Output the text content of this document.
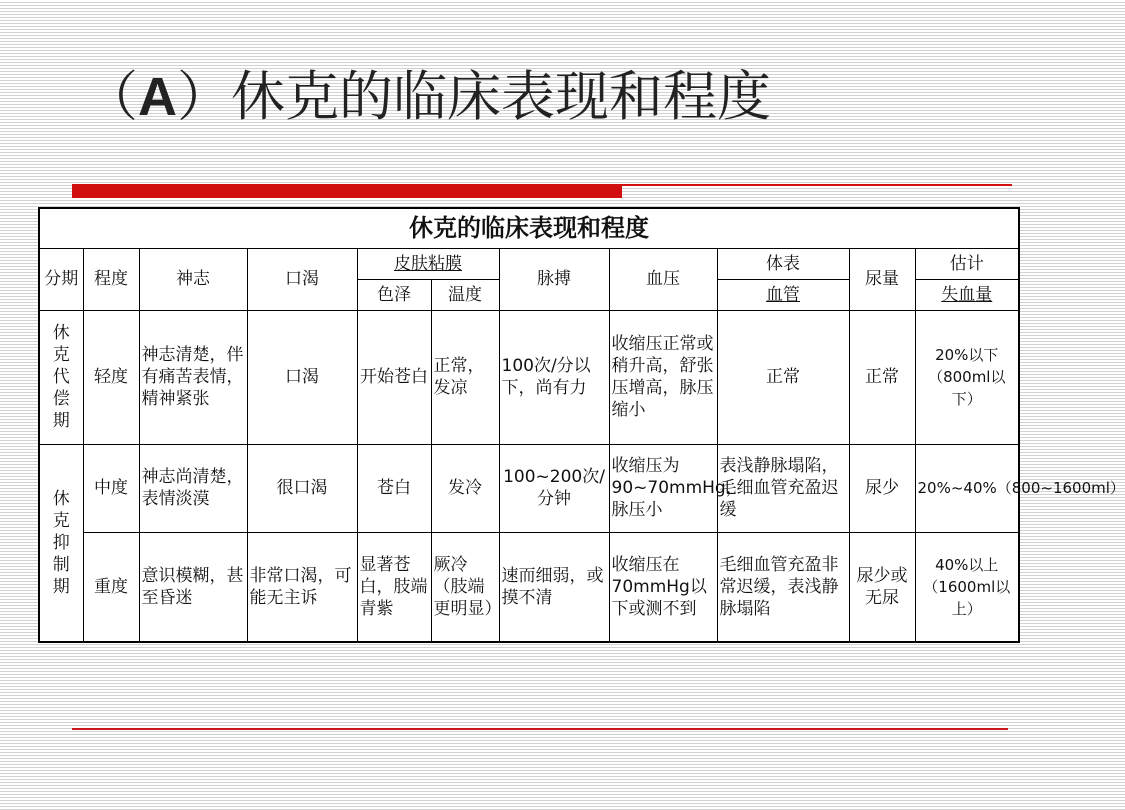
（A）休克的临床表现和程度
休克的临床表现和程度										
分期	程度	神志	口渴	皮肤粘膜		脉搏	血压	体表	尿量	估计
				色泽	温度			血管		失血量
休克代偿期	轻度	神志清楚，伴有痛苦表情，精神紧张	口渴	开始苍白	正常，发凉	100次/分以下，尚有力	收缩压正常或稍升高，舒张压增高，脉压缩小	正常	正常	20%以下（800ml以下）
休克抑制期	中度	神志尚清楚，表情淡漠	很口渴	苍白	发冷	100~200次/分钟	收缩压为90~70mmHg，脉压小	表浅静脉塌陷，毛细血管充盈迟缓	尿少	20%~40%（800~1600ml）
	重度	意识模糊，甚至昏迷	非常口渴，可能无主诉	显著苍白，肢端青紫	厥冷（肢端更明显）	速而细弱，或摸不清	收缩压在70mmHg以下或测不到	毛细血管充盈非常迟缓，表浅静脉塌陷	尿少或无尿	40%以上（1600ml以上）
